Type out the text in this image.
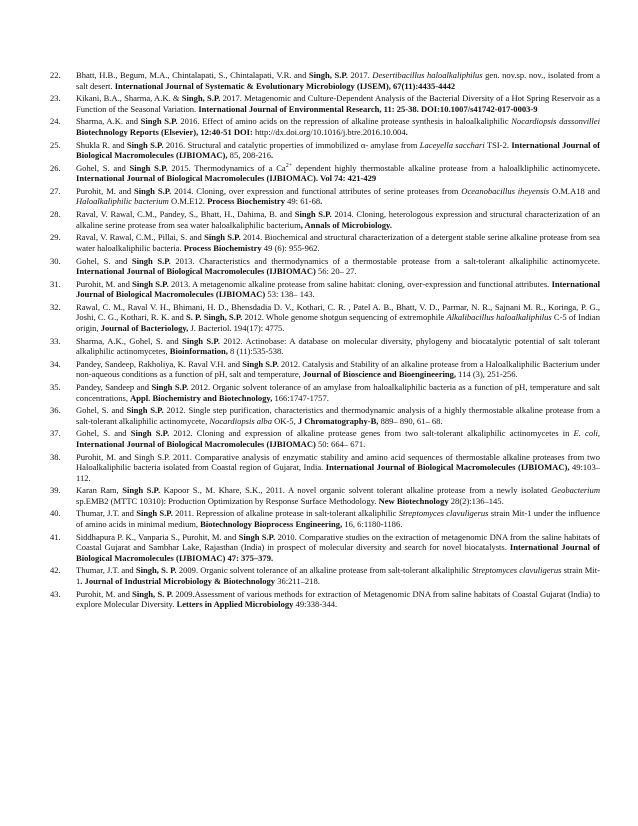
22.	Bhatt, H.B., Begum, M.A., Chintalapati, S., Chintalapati, V.R. and Singh, S.P. 2017. Desertibacillus haloalkaliphilus gen. nov.sp. nov., isolated from a salt desert. International Journal of Systematic & Evolutionary Microbiology (IJSEM), 67(11):4435-4442
23.	Kikani, B.A., Sharma, A.K. & Singh, S.P. 2017. Metagenomic and Culture-Dependent Analysis of the Bacterial Diversity of a Hot Spring Reservoir as a Function of the Seasonal Variation. International Journal of Environmental Research, 11: 25-38. DOI:10.1007/s41742-017-0003-9
24.	Sharma, A.K. and Singh S.P. 2016. Effect of amino acids on the repression of alkaline protease synthesis in haloalkaliphilic Nocardiopsis dassonvillei Biotechnology Reports (Elsevier), 12:40-51 DOI: http://dx.doi.org/10.1016/j.btre.2016.10.004.
25.	Shukla R. and Singh S.P. 2016. Structural and catalytic properties of immobilized α- amylase from Laceyella sacchari TSI-2. International Journal of Biological Macromolecules (IJBIOMAC), 85, 208-216.
26.	Gohel, S. and Singh S.P. 2015. Thermodynamics of a $Ca^{2+}$ dependent highly thermostable alkaline protease from a haloalkliphilic actinomycete. International Journal of Biological Macromolecules (IJBIOMAC). Vol 74: 421-429
27.	Purohit, M. and Singh S.P. 2014. Cloning, over expression and functional attributes of serine proteases from Oceanobacillus iheyensis O.M.A18 and Haloalkaliphilic bacterium O.M.E12. Process Biochemistry 49: 61-68.
28.	Raval, V. Rawal, C.M., Pandey, S., Bhatt, H., Dahima, B. and Singh S.P. 2014. Cloning, heterologous expression and structural characterization of an alkaline serine protease from sea water haloalkaliphilic bacterium, Annals of Microbiology.
29.	Raval, V. Rawal, C.M., Pillai, S. and Singh S.P. 2014. Biochemical and structural characterization of a detergent stable serine alkaline protease from sea water haloalkaliphilic bacteria. Process Biochemistry 49 (6): 955-962.
30.	Gohel, S. and Singh S.P. 2013. Characteristics and thermodynamics of a thermostable protease from a salt-tolerant alkaliphilic actinomycete. International Journal of Biological Macromolecules (IJBIOMAC) 56: 20– 27.
31.	Purohit, M. and Singh S.P. 2013. A metagenomic alkaline protease from saline habitat: cloning, over-expression and functional attributes. International Journal of Biological Macromolecules (IJBIOMAC) 53: 138– 143.
32.	Rawal, C. M., Raval V. H., Bhimani, H. D., Bhensdadia D. V., Kothari, C. R. , Patel A. B., Bhatt, V. D., Parmar, N. R., Sajnani M. R., Koringa, P. G., Joshi, C. G., Kothari, R. K. and S. P. Singh, S.P. 2012. Whole genome shotgun sequencing of extremophile Alkalibacillus haloalkaliphilus C-5 of Indian origin, Journal of Bacteriology, J. Bacteriol. 194(17): 4775.
33.	Sharma, A.K., Gohel, S. and Singh S.P. 2012. Actinobase: A database on molecular diversity, phylogeny and biocatalytic potential of salt tolerant alkaliphilic actinomycetes, Bioinformation, 8 (11):535-538.
34.	Pandey, Sandeep, Rakholiya, K. Raval V.H. and Singh S.P. 2012. Catalysis and Stability of an alkaline protease from a Haloalkaliphilic Bacterium under non-aqueous conditions as a function of pH, salt and temperature, Journal of Bioscience and Bioengineering, 114 (3), 251-256.
35.	Pandey, Sandeep and Singh S.P. 2012. Organic solvent tolerance of an amylase from haloalkaliphilic bacteria as a function of pH, temperature and salt concentrations, Appl. Biochemistry and Biotechnology, 166:1747-1757.
36.	Gohel, S. and Singh S.P. 2012. Single step purification, characteristics and thermodynamic analysis of a highly thermostable alkaline protease from a salt-tolerant alkaliphilic actinomycete, Nocardiopsis alba OK-5, J Chromatography-B, 889– 890, 61– 68.
37.	Gohel, S. and Singh S.P. 2012. Cloning and expression of alkaline protease genes from two salt-tolerant alkaliphilic actinomycetes in E. coli, International Journal of Biological Macromolecules (IJBIOMAC) 50: 664– 671.
38.	Purohit, M. and Singh S.P. 2011. Comparative analysis of enzymatic stability and amino acid sequences of thermostable alkaline proteases from two Haloalkaliphilic bacteria isolated from Coastal region of Gujarat, India. International Journal of Biological Macromolecules (IJBIOMAC), 49:103–112.
39.	Karan Ram, Singh S.P. Kapoor S., M. Khare, S.K., 2011. A novel organic solvent tolerant alkaline protease from a newly isolated Geobacterium sp.EMB2 (MTTC 10310): Production Optimization by Response Surface Methodology. New Biotechnology 28(2):136–145.
40.	Thumar, J.T. and Singh S.P. 2011. Repression of alkaline protease in salt-tolerant alkaliphilic Streptomyces clavuligerus strain Mit-1 under the influence of amino acids in minimal medium, Biotechnology Bioprocess Engineering, 16, 6:1180-1186.
41.	Siddhapura P. K., Vanparia S., Purohit, M. and Singh S.P. 2010. Comparative studies on the extraction of metagenomic DNA from the saline habitats of Coastal Gujarat and Sambhar Lake, Rajasthan (India) in prospect of molecular diversity and search for novel biocatalysts. International Journal of Biological Macromolecules (IJBIOMAC) 47: 375–379.
42.	Thumar, J.T. and Singh, S. P. 2009. Organic solvent tolerance of an alkaline protease from salt-tolerant alkaliphilic Streptomyces clavuligerus strain Mit-1. Journal of Industrial Microbiology & Biotechnology 36:211–218.
43.	Purohit, M. and Singh, S. P. 2009.Assessment of various methods for extraction of Metagenomic DNA from saline habitats of Coastal Gujarat (India) to explore Molecular Diversity. Letters in Applied Microbiology 49:338-344.
